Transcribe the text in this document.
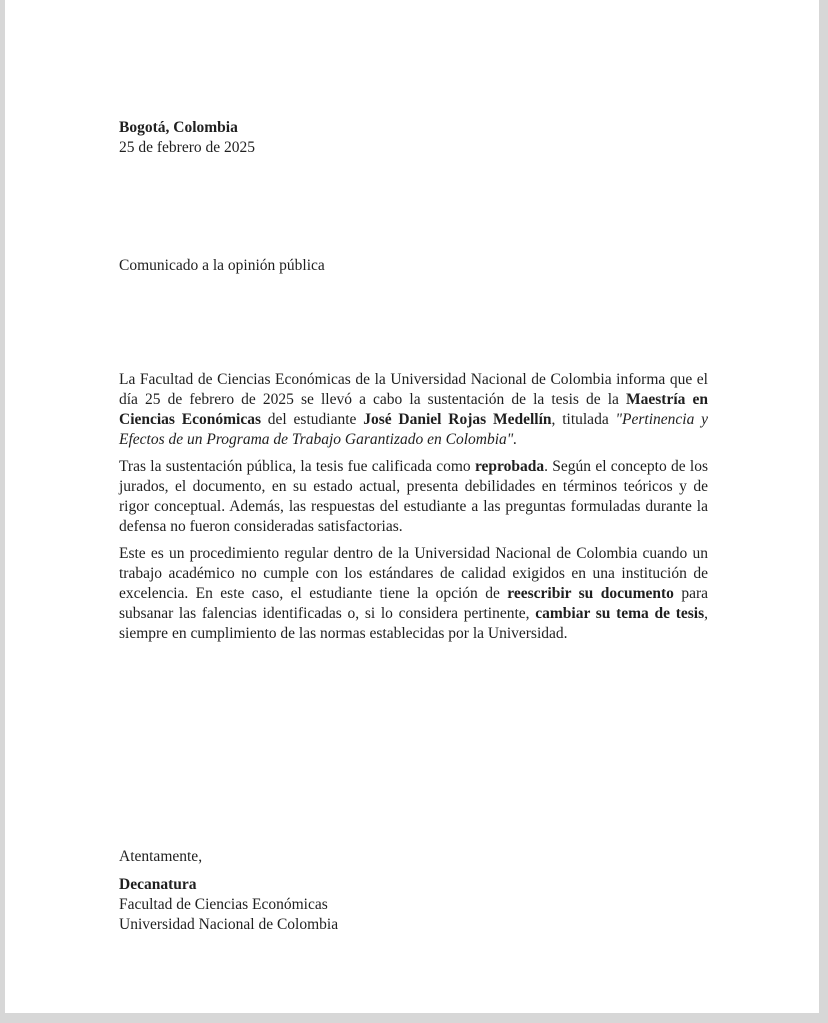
Bogotá, Colombia
25 de febrero de 2025
Comunicado a la opinión pública

La Facultad de Ciencias Económicas de la Universidad Nacional de Colombia informa que el día 25 de febrero de 2025 se llevó a cabo la sustentación de la tesis de la Maestría en Ciencias Económicas del estudiante José Daniel Rojas Medellín, titulada "Pertinencia y Efectos de un Programa de Trabajo Garantizado en Colombia".

Tras la sustentación pública, la tesis fue calificada como reprobada. Según el concepto de los jurados, el documento, en su estado actual, presenta debilidades en términos teóricos y de rigor conceptual. Además, las respuestas del estudiante a las preguntas formuladas durante la defensa no fueron consideradas satisfactorias.

Este es un procedimiento regular dentro de la Universidad Nacional de Colombia cuando un trabajo académico no cumple con los estándares de calidad exigidos en una institución de excelencia. En este caso, el estudiante tiene la opción de reescribir su documento para subsanar las falencias identificadas o, si lo considera pertinente, cambiar su tema de tesis, siempre en cumplimiento de las normas establecidas por la Universidad.

Atentamente,
Decanatura
Facultad de Ciencias Económicas
Universidad Nacional de Colombia
